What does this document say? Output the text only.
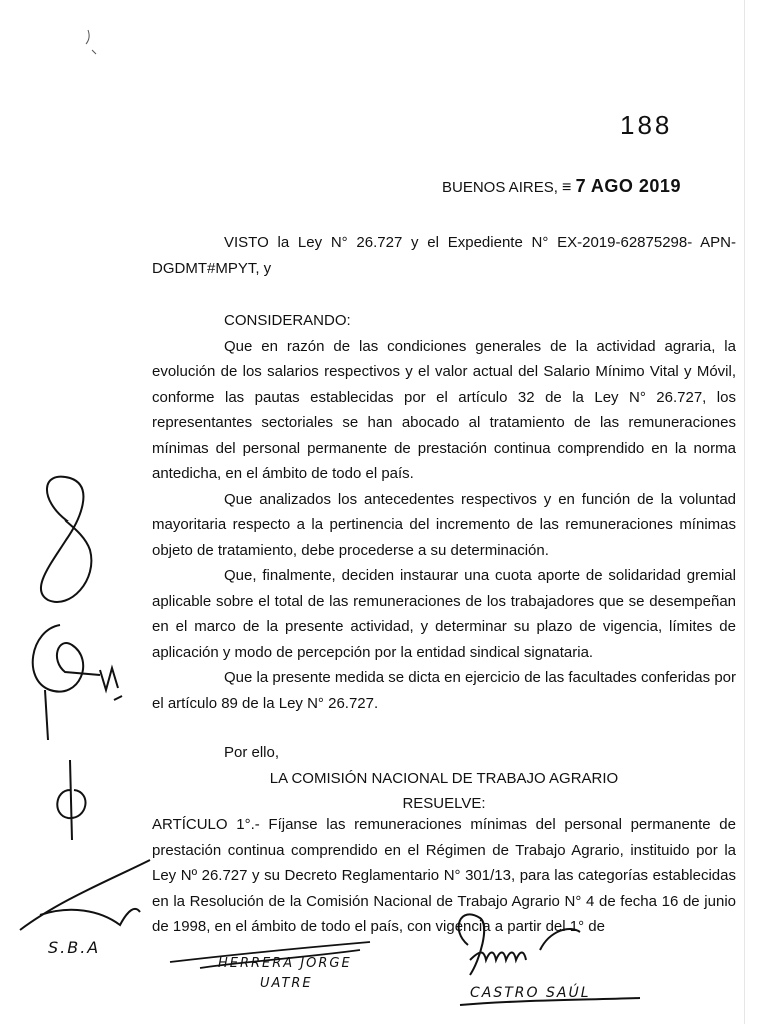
188
BUENOS AIRES, ≡ 7 AGO 2019

VISTO la Ley N° 26.727 y el Expediente N° EX-2019-62875298- APN-DGDMT#MPYT, y

CONSIDERANDO:

Que en razón de las condiciones generales de la actividad agraria, la evolución de los salarios respectivos y el valor actual del Salario Mínimo Vital y Móvil, conforme las pautas establecidas por el artículo 32 de la Ley N° 26.727, los representantes sectoriales se han abocado al tratamiento de las remuneraciones mínimas del personal permanente de prestación continua comprendido en la norma antedicha, en el ámbito de todo el país.

Que analizados los antecedentes respectivos y en función de la voluntad mayoritaria respecto a la pertinencia del incremento de las remuneraciones mínimas objeto de tratamiento, debe procederse a su determinación.

Que, finalmente, deciden instaurar una cuota aporte de solidaridad gremial aplicable sobre el total de las remuneraciones de los trabajadores que se desempeñan en el marco de la presente actividad, y determinar su plazo de vigencia, límites de aplicación y modo de percepción por la entidad sindical signataria.

Que la presente medida se dicta en ejercicio de las facultades conferidas por el artículo 89 de la Ley N° 26.727.

Por ello,

LA COMISIÓN NACIONAL DE TRABAJO AGRARIO

RESUELVE:

ARTÍCULO 1°.- Fíjanse las remuneraciones mínimas del personal permanente de prestación continua comprendido en el Régimen de Trabajo Agrario, instituido por la Ley Nº 26.727 y su Decreto Reglamentario N° 301/13, para las categorías establecidas en la Resolución de la Comisión Nacional de Trabajo Agrario N° 4 de fecha 16 de junio de 1998, en el ámbito de todo el país, con vigencia a partir del 1° de

S.B.A
HERRERA JORGE
UATRE
CASTRO SAÚL
